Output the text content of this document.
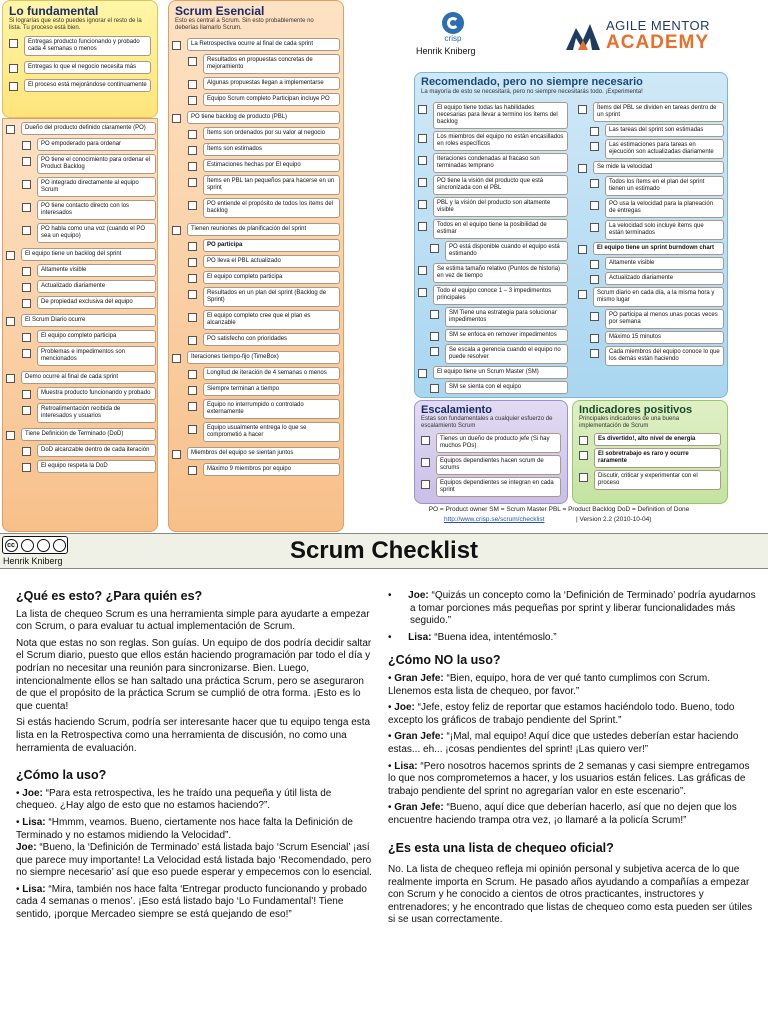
Lo fundamental
Si lograrías que esto puedes ignorar el resto de la lista. Tu proceso está bien.
Entregas producto funcionando y probado cada 4 semanas o menos
Entregas lo que el negocio necesita más
El proceso está mejorándose continuamente
Dueño del producto definido claramente (PO)
PO empoderado para ordenar
PO tiene el conocimiento para ordenar el Product Backlog
PO integrado directamente al equipo Scrum
PO tiene contacto directo con los interesados
PO habla como una voz (cuando el PO sea un equipo)
El equipo tiene un backlog del sprint
Altamente visible
Actualizado diariamente
De propiedad exclusiva del equipo
El Scrum Diario ocurre
El equipo completo participa
Problemas e impedimentos son mencionados
Demo ocurre al final de cada sprint
Muestra producto funcionando y probado
Retroalimentación recibida de interesados y usuarios
Tiene Definición de Terminado (DoD)
DoD alcanzable dentro de cada iteración
El equipo respeta la DoD
Scrum Esencial
Esto es central a Scrum. Sin esto probablemente no deberías llamarlo Scrum.
La Retrospectiva ocurre al final de cada sprint
Resultados en propuestas concretas de mejoramiento
Algunas propuestas llegan a implementarse
Equipo Scrum completo Participan incluye PO
PO tiene backlog de producto (PBL)
Ítems son ordenados por su valor al negocio
Ítems son estimados
Estimaciones hechas por El equipo
Ítems en PBL tan pequeños para hacerse en un sprint
PO entiende el propósito de todos los ítems del backlog
Tienen reuniones de planificación del sprint
PO participa
PO lleva el PBL actualizado
El equipo completo participa
Resultados en un plan del sprint (Backlog de Sprint)
El equipo completo cree que el plan es alcanzable
PO satisfecho con prioridades
Iteraciones tiempo-fijo (TimeBox)
Longitud de iteración de 4 semanas o menos
Siempre terminan a tiempo
Equipo no interrumpido o controlado externamente
Equipo usualmente entrega lo que se comprometió a hacer
Miembros del equipo se sientan juntos
Máximo 9 miembros por equipo
crisp
Henrik Kniberg
AGILE MENTOR
ACADEMY
Recomendado, pero no siempre necesario
La mayoría de esto se necesitará, pero no siempre necesitarás todo. ¡Experimenta!
El equipo tiene todas las habilidades necesarias para llevar a termino los ítems del backlog
Los miembros del equipo no están encasillados en roles específicos
Iteraciones condenadas al fracaso son terminadas temprano
PO tiene la visión del producto que está sincronizada con el PBL
PBL y la visión del producto son altamente visible
Todos en el equipo tiene la posibilidad de estimar
PO está disponible cuando el equipo está estimando
Se estima tamaño relativo (Puntos de historia) en vez de tiempo
Todo el equipo conoce 1 – 3 impedimentos principales
SM Tiene una estrategia para solucionar impedimentos
SM se enfoca en remover impedimentos
Se escala a gerencia cuando el equipo no puede resolver
El equipo tiene un Scrum Master (SM)
SM se sienta con el equipo
Ítems del PBL se dividen en tareas dentro de un sprint
Las tareas del sprint son estimadas
Las estimaciones para tareas en ejecución son actualizadas diariamente
Se mide la velocidad
Todos los ítems en el plan del sprint tienen un estimado
PO usa la velocidad para la planeación de entregas
La velocidad solo incluye ítems que están terminados
El equipo tiene un sprint burndown chart
Altamente visible
Actualizado diariamente
Scrum diario en cada día, a la misma hora y mismo lugar
PO participa al menos unas pocas veces por semana
Máximo 15 minutos
Cada miembros del equipo conoce lo que los demás están haciendo
Escalamiento
Estas son fundamentales a cualquier esfuerzo de escalamiento Scrum
Tienes un dueño de producto jefe (Si hay muchos POs)
Equipos dependientes hacen scrum de scrums
Equipos dependientes se integran en cada sprint
Indicadores positivos
Principales indicadores de una buena implementación de Scrum
Es divertido!, alto nivel de energía
El sobretrabajo es raro y ocurre raramente
Discutir, criticar y experimentar con el proceso
PO = Product owner SM = Scrum Master PBL = Product Backlog DoD = Definition of Done
http://www.crisp.se/scrum/checklist	| Version 2.2 (2010-10-04)
cc
Henrik Kniberg	Scrum Checklist
¿Qué es esto? ¿Para quién es?

La lista de chequeo Scrum es una herramienta simple para ayudarte a empezar con Scrum, o para evaluar tu actual implementación de Scrum.

Nota que estas no son reglas. Son guías. Un equipo de dos podría decidir saltar el Scrum diario, puesto que ellos están haciendo programación par todo el día y podrían no necesitar una reunión para sincronizarse. Bien. Luego, intencionalmente ellos se han saltado una práctica Scrum, pero se aseguraron de que el propósito de la práctica Scrum se cumplió de otra forma. ¡Esto es lo que cuenta!

Si estás haciendo Scrum, podría ser interesante hacer que tu equipo tenga esta lista en la Retrospectiva como una herramienta de discusión, no como una herramienta de evaluación.

¿Cómo la uso?

• Joe: “Para esta retrospectiva, les he traído una pequeña y útil lista de chequeo. ¿Hay algo de esto que no estamos haciendo?”.

• Lisa: “Hmmm, veamos. Bueno, ciertamente nos hace falta la Definición de Terminado y no estamos midiendo la Velocidad”.

Joe: “Bueno, la ‘Definición de Terminado’ está listada bajo ‘Scrum Esencial’ ¡así que parece muy importante! La Velocidad está listada bajo ‘Recomendado, pero no siempre necesario’ así que eso puede esperar y empecemos con lo esencial.

• Lisa: “Mira, también nos hace falta ‘Entregar producto funcionando y probado cada 4 semanas o menos’. ¡Eso está listado bajo ‘Lo Fundamental’! Tiene sentido, ¡porque Mercadeo siempre se está quejando de eso!”

•      Joe: “Quizás un concepto como la ‘Definición de Terminado’ podría ayudarnos a tomar porciones más pequeñas por sprint y liberar funcionalidades más seguido.”

•      Lisa: “Buena idea, intentémoslo.”

¿Cómo NO la uso?

• Gran Jefe: “Bien, equipo, hora de ver qué tanto cumplimos con Scrum. Llenemos esta lista de chequeo, por favor.”

• Joe: “Jefe, estoy feliz de reportar que estamos haciéndolo todo. Bueno, todo excepto los gráficos de trabajo pendiente del Sprint.”

• Gran Jefe: “¡Mal, mal equipo! Aquí dice que ustedes deberían estar haciendo estas... eh... ¡cosas pendientes del sprint! ¡Las quiero ver!”

• Lisa: “Pero nosotros hacemos sprints de 2 semanas y casi siempre entregamos lo que nos comprometemos a hacer, y los usuarios están felices. Las gráficas de trabajo pendiente del sprint no agregarían valor en este escenario”.

• Gran Jefe: “Bueno, aquí dice que deberían hacerlo, así que no dejen que los encuentre haciendo trampa otra vez, ¡o llamaré a la policía Scrum!”

¿Es esta una lista de chequeo oficial?

No. La lista de chequeo refleja mi opinión personal y subjetiva acerca de lo que realmente importa en Scrum. He pasado años ayudando a compañías a empezar con Scrum y he conocido a cientos de otros practicantes, instructores y entrenadores; y he encontrado que listas de chequeo como esta pueden ser útiles si se usan correctamente.
